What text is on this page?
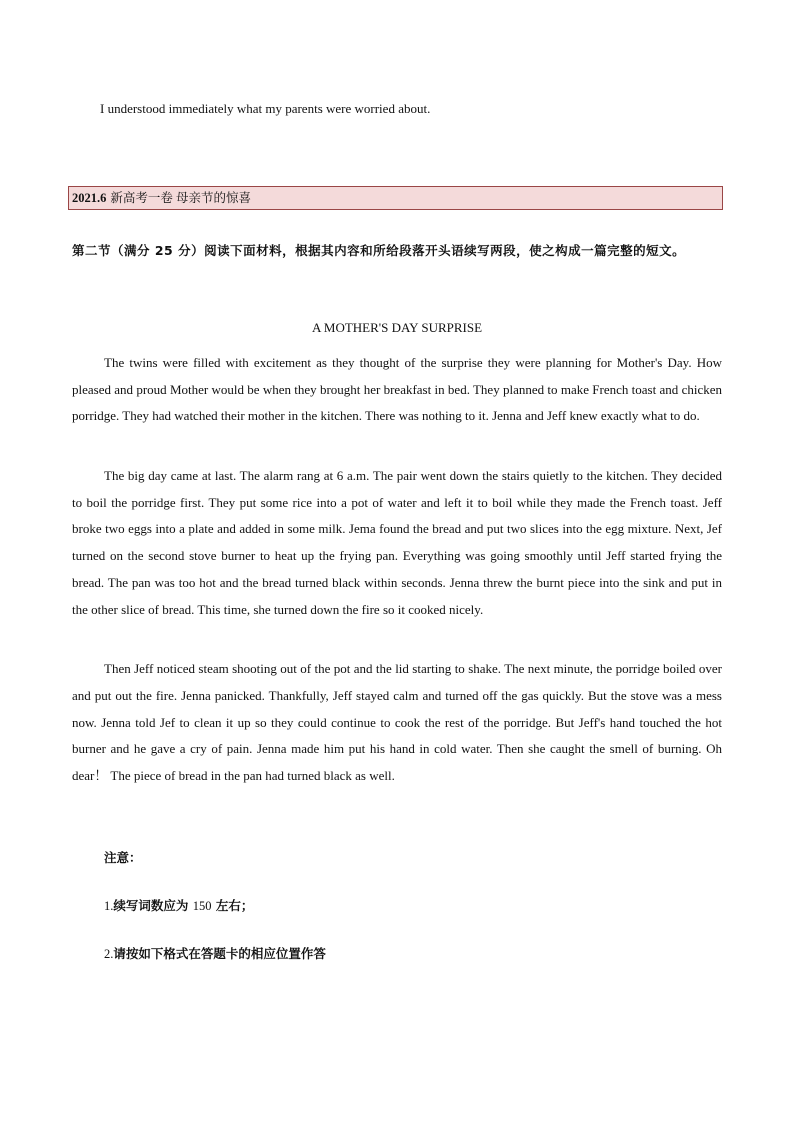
I understood immediately what my parents were worried about.
2021.6 新高考一卷 母亲节的惊喜
第二节（满分 25 分）阅读下面材料，根据其内容和所给段落开头语续写两段，使之构成一篇完整的短文。
A MOTHER'S DAY SURPRISE

The twins were filled with excitement as they thought of the surprise they were planning for Mother's Day. How pleased and proud Mother would be when they brought her breakfast in bed. They planned to make French toast and chicken porridge. They had watched their mother in the kitchen. There was nothing to it. Jenna and Jeff knew exactly what to do.

The big day came at last. The alarm rang at 6 a.m. The pair went down the stairs quietly to the kitchen. They decided to boil the porridge first. They put some rice into a pot of water and left it to boil while they made the French toast. Jeff broke two eggs into a plate and added in some milk. Jema found the bread and put two slices into the egg mixture. Next, Jef turned on the second stove burner to heat up the frying pan. Everything was going smoothly until Jeff started frying the bread. The pan was too hot and the bread turned black within seconds. Jenna threw the burnt piece into the sink and put in the other slice of bread. This time, she turned down the fire so it cooked nicely.

Then Jeff noticed steam shooting out of the pot and the lid starting to shake. The next minute, the porridge boiled over and put out the fire. Jenna panicked. Thankfully, Jeff stayed calm and turned off the gas quickly. But the stove was a mess now. Jenna told Jef to clean it up so they could continue to cook the rest of the porridge. But Jeff's hand touched the hot burner and he gave a cry of pain. Jenna made him put his hand in cold water. Then she caught the smell of burning. Oh dear！ The piece of bread in the pan had turned black as well.

注意：
1.续写词数应为 150 左右；
2.请按如下格式在答题卡的相应位置作答
